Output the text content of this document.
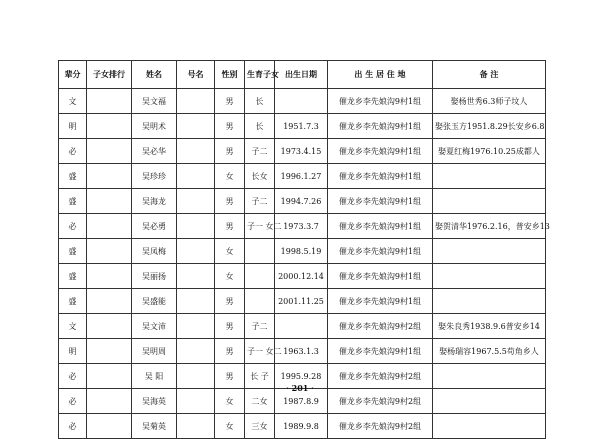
辈分	子女排行	姓名	号名	性别	生育子女	出生日期	出 生 居 住 地	备 注
文		吴文福		男	长		催龙乡李先娘沟9村1组	娶杨世秀6.3师子坟人
明		吴明术		男	长	1951.7.3	催龙乡李先娘沟9村1组	娶张玉方1951.8.29长安乡6.8
必		吴必华		男	子二	1973.4.15	催龙乡李先娘沟9村1组	娶夏红梅1976.10.25成都人
盛		吴珍珍		女	长女	1996.1.27	催龙乡李先娘沟9村1组	
盛		吴海龙		男	子二	1994.7.26	催龙乡李先娘沟9村1组	
必		吴必勇		男	子一 女二	1973.3.7	催龙乡李先娘沟9村1组	娶贺清华1976.2.16，普安乡13
盛		吴凤梅		女		1998.5.19	催龙乡李先娘沟9村1组	
盛		吴丽扬		女		2000.12.14	催龙乡李先娘沟9村1组	
盛		吴盛能		男		2001.11.25	催龙乡李先娘沟9村1组	
文		吴文沛		男	子二		催龙乡李先娘沟9村2组	娶朱良秀1938.9.6普安乡14
明		吴明周		男	子一 女二	1963.1.3	催龙乡李先娘沟9村1组	娶杨瑞容1967.5.5苟角乡人
必		吴 阳		男	长 子	1995.9.28	催龙乡李先娘沟9村2组	
必		吴海英		女	二女	1987.8.9	催龙乡李先娘沟9村2组	
必		吴菊英		女	三女	1989.9.8	催龙乡李先娘沟9村2组	
· 201 ·
